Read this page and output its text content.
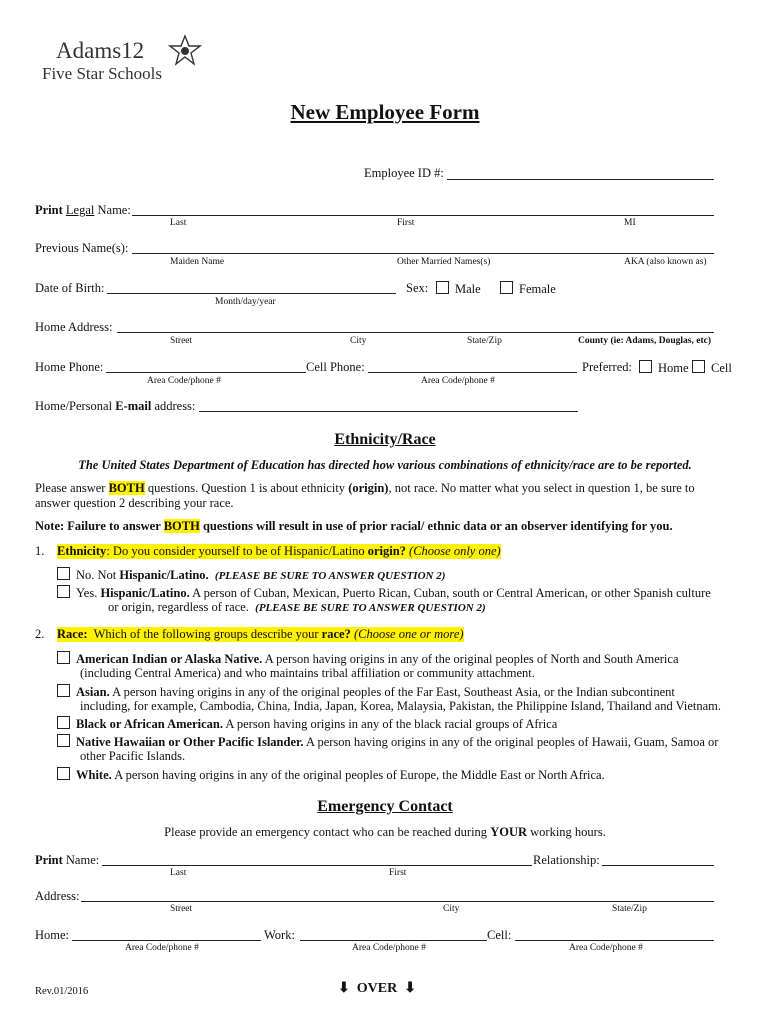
Adams12
Five Star Schools
New Employee Form
Employee ID #:
Print Legal Name:
Last	First	MI
Previous Name(s):
Maiden Name	Other Married Names(s)	AKA (also known as)
Date of Birth:
Month/day/year
Sex:	Male	Female
Home Address:
Street	City	State/Zip	County (ie: Adams, Douglas, etc)
Home Phone:	Cell Phone:
Area Code/phone #	Area Code/phone #
Preferred:	Home	Cell
Home/Personal E-mail address:
Ethnicity/Race
The United States Department of Education has directed how various combinations of ethnicity/race are to be reported.
Please answer BOTH questions. Question 1 is about ethnicity (origin), not race. No matter what you select in question 1, be sure to answer question 2 describing your race.
Note: Failure to answer BOTH questions will result in use of prior racial/ ethnic data or an observer identifying for you.
1. Ethnicity: Do you consider yourself to be of Hispanic/Latino origin? (Choose only one)
No. Not Hispanic/Latino. (PLEASE BE SURE TO ANSWER QUESTION 2)
Yes. Hispanic/Latino. A person of Cuban, Mexican, Puerto Rican, Cuban, south or Central American, or other Spanish culture
or origin, regardless of race. (PLEASE BE SURE TO ANSWER QUESTION 2)
2. Race: Which of the following groups describe your race? (Choose one or more)
American Indian or Alaska Native. A person having origins in any of the original peoples of North and South America
(including Central America) and who maintains tribal affiliation or community attachment.
Asian. A person having origins in any of the original peoples of the Far East, Southeast Asia, or the Indian subcontinent
including, for example, Cambodia, China, India, Japan, Korea, Malaysia, Pakistan, the Philippine Island, Thailand and Vietnam.
Black or African American. A person having origins in any of the black racial groups of Africa
Native Hawaiian or Other Pacific Islander. A person having origins in any of the original peoples of Hawaii, Guam, Samoa or
other Pacific Islands.
White. A person having origins in any of the original peoples of Europe, the Middle East or North Africa.
Emergency Contact
Please provide an emergency contact who can be reached during YOUR working hours.
Print Name:	Relationship:
Last	First
Address:
Street	City	State/Zip
Home:	Work:	Cell:
Area Code/phone #	Area Code/phone #	Area Code/phone #
Rev.01/2016	⬇ OVER ⬇
